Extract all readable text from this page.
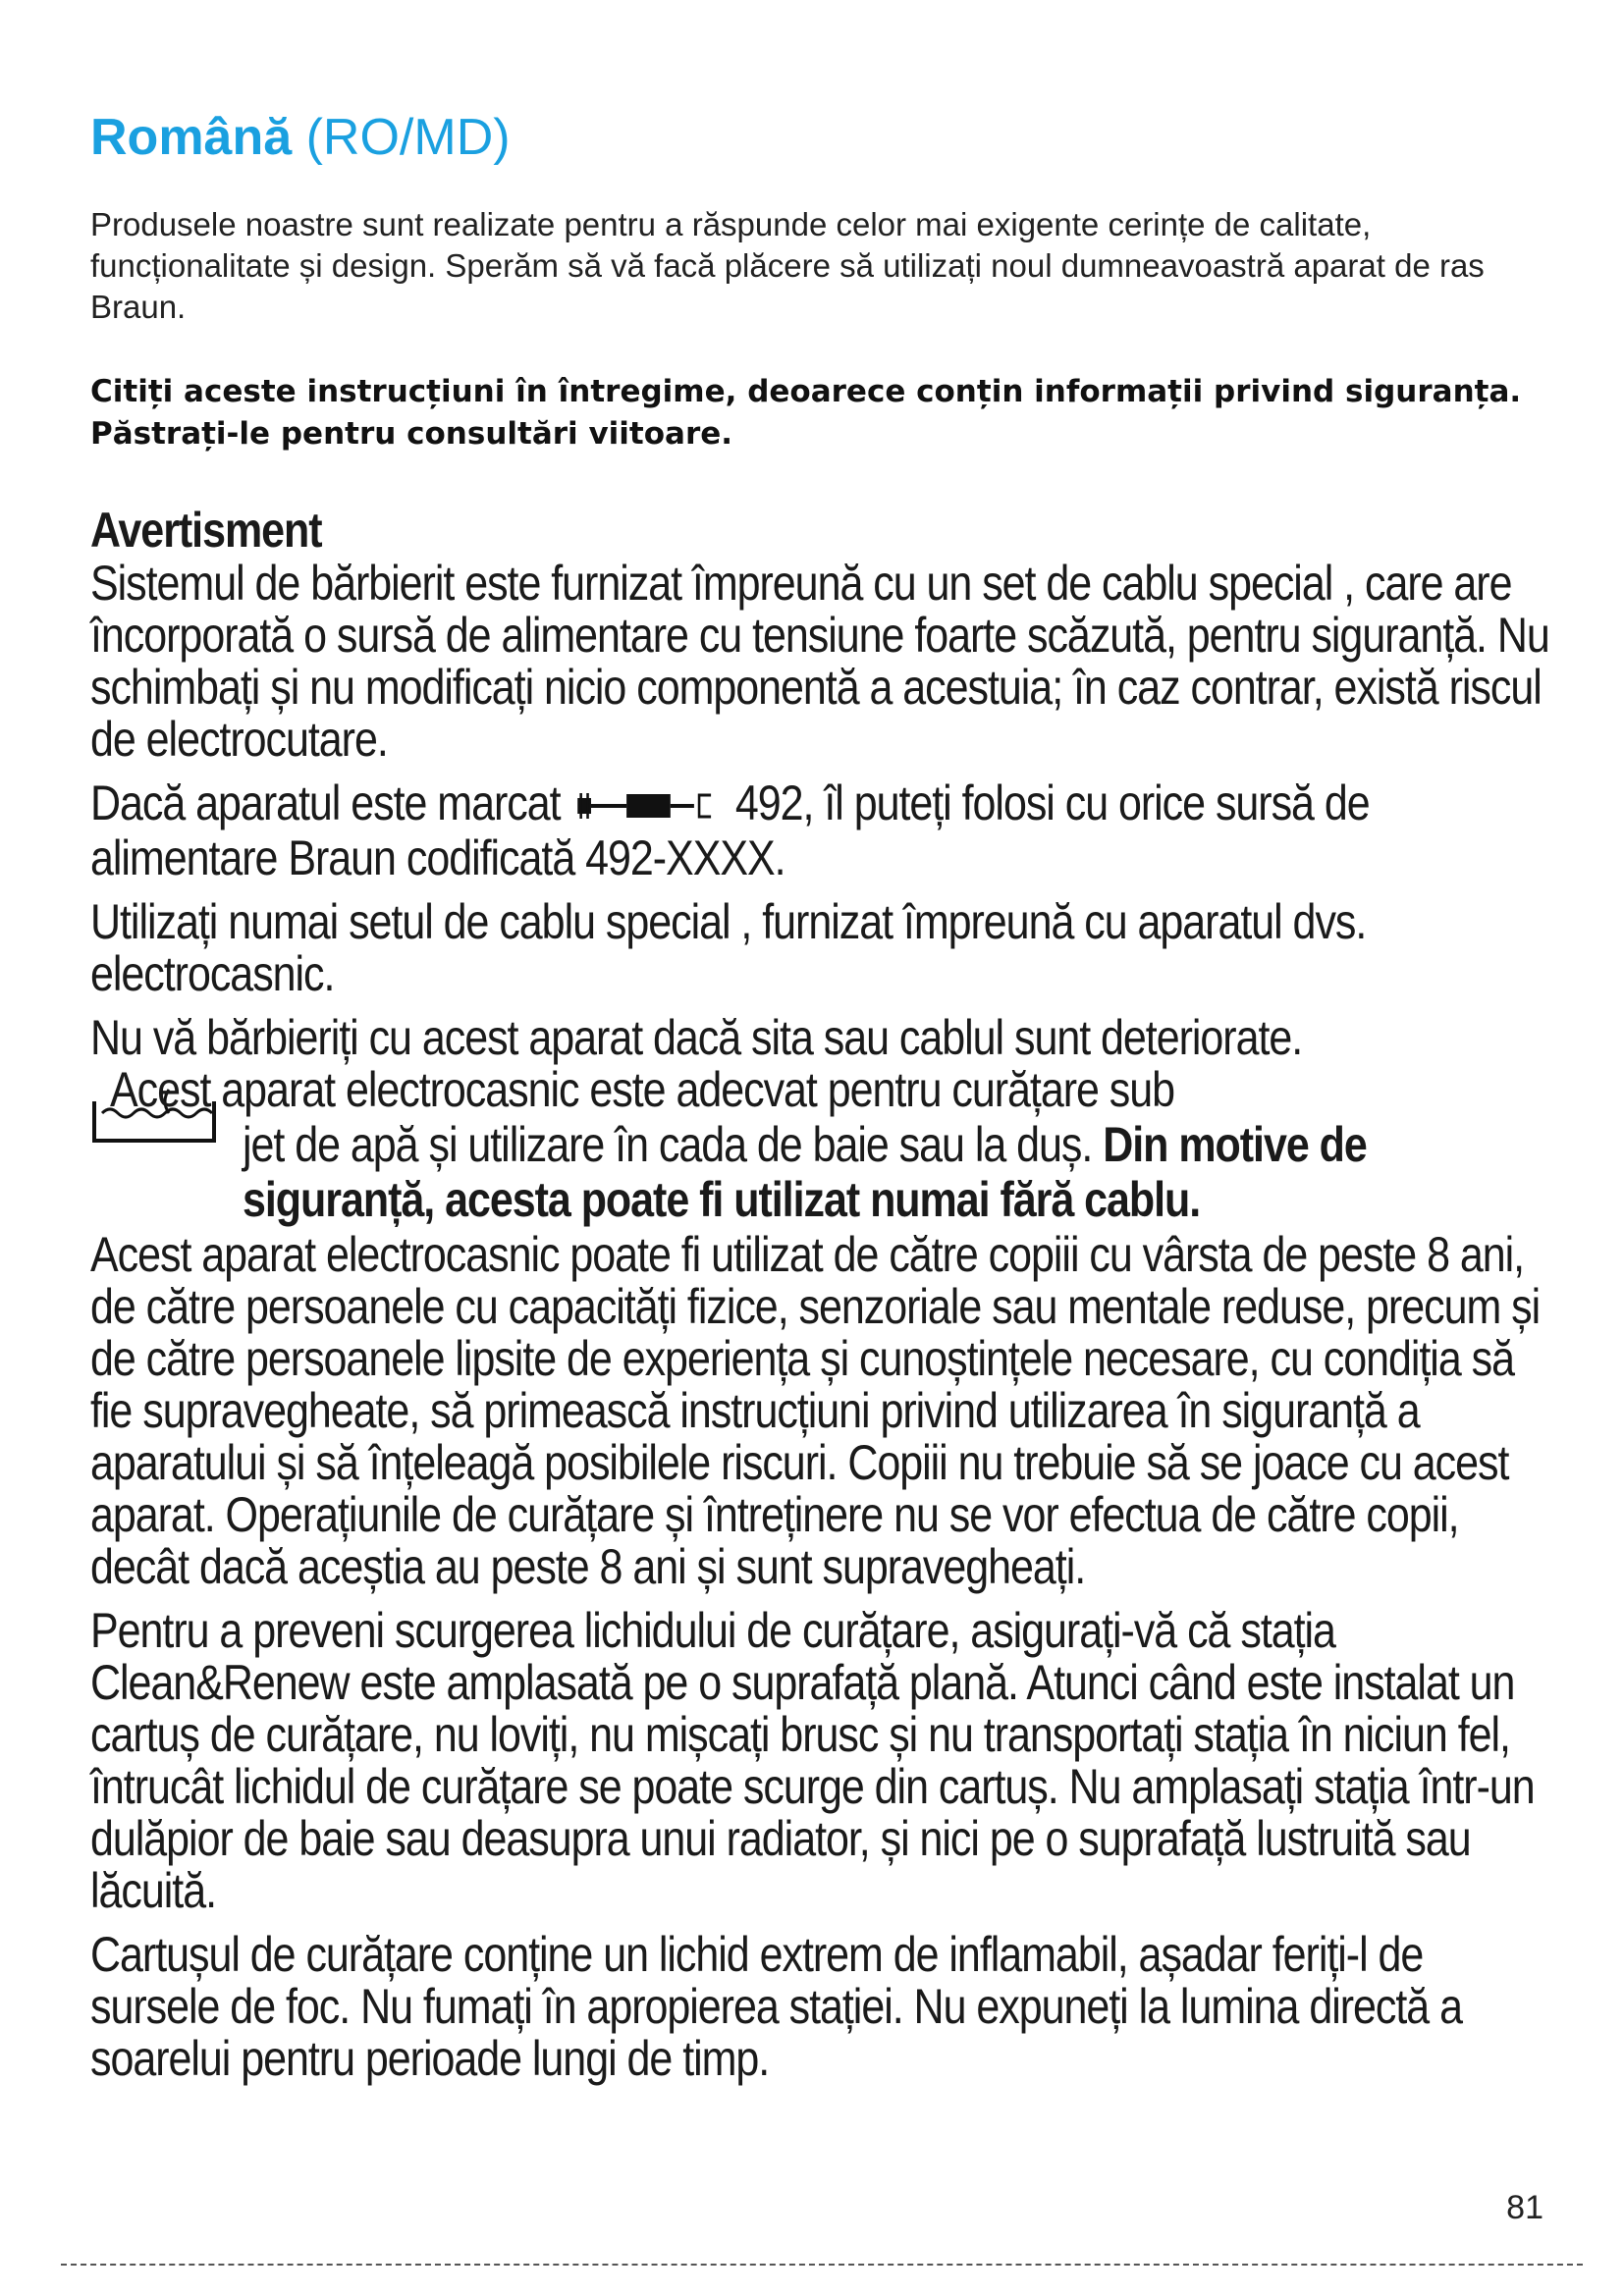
Română (RO/MD)

Produsele noastre sunt realizate pentru a răspunde celor mai exigente cerințe de calitate, funcționalitate și design. Sperăm să vă facă plăcere să utilizați noul dumneavoastră aparat de ras Braun.

Citiți aceste instrucțiuni în întregime, deoarece conțin informații privind siguranța. Păstrați-le pentru consultări viitoare.

Avertisment

Sistemul de bărbierit este furnizat împreună cu un set de cablu special , care are încorporată o sursă de alimentare cu tensiune foarte scăzută, pentru siguranță. Nu schimbați și nu modificați nicio componentă a acestuia; în caz contrar, există riscul de electrocutare.

Dacă aparatul este marcat	492, îl puteți folosi cu orice sursă de alimentare Braun codificată 492-XXXX.

Utilizați numai setul de cablu special , furnizat împreună cu aparatul dvs. electrocasnic.

Nu vă bărbieriți cu acest aparat dacă sita sau cablul sunt deteriorate.

Acest aparat electrocasnic este adecvat pentru curățare sub
jet de apă și utilizare în cada de baie sau la duș. Din motive de
siguranță, acesta poate fi utilizat numai fără cablu.

Acest aparat electrocasnic poate fi utilizat de către copiii cu vârsta de peste 8 ani, de către persoanele cu capacități fizice, senzoriale sau mentale reduse, precum și de către persoanele lipsite de experiența și cunoștințele necesare, cu condiția să fie supravegheate, să primească instrucțiuni privind utilizarea în siguranță a aparatului și să înțeleagă posibilele riscuri. Copiii nu trebuie să se joace cu acest aparat. Operațiunile de curățare și întreținere nu se vor efectua de către copii, decât dacă aceștia au peste 8 ani și sunt supravegheați.

Pentru a preveni scurgerea lichidului de curățare, asigurați-vă că stația Clean&Renew este amplasată pe o suprafață plană. Atunci când este instalat un cartuș de curățare, nu loviți, nu mișcați brusc și nu transportați stația în niciun fel, întrucât lichidul de curățare se poate scurge din cartuș. Nu amplasați stația într-un dulăpior de baie sau deasupra unui radiator, și nici pe o suprafață lustruită sau lăcuită.

Cartușul de curățare conține un lichid extrem de inflamabil, așadar feriți-l de sursele de foc. Nu fumați în apropierea stației. Nu expuneți la lumina directă a soarelui pentru perioade lungi de timp.

81
